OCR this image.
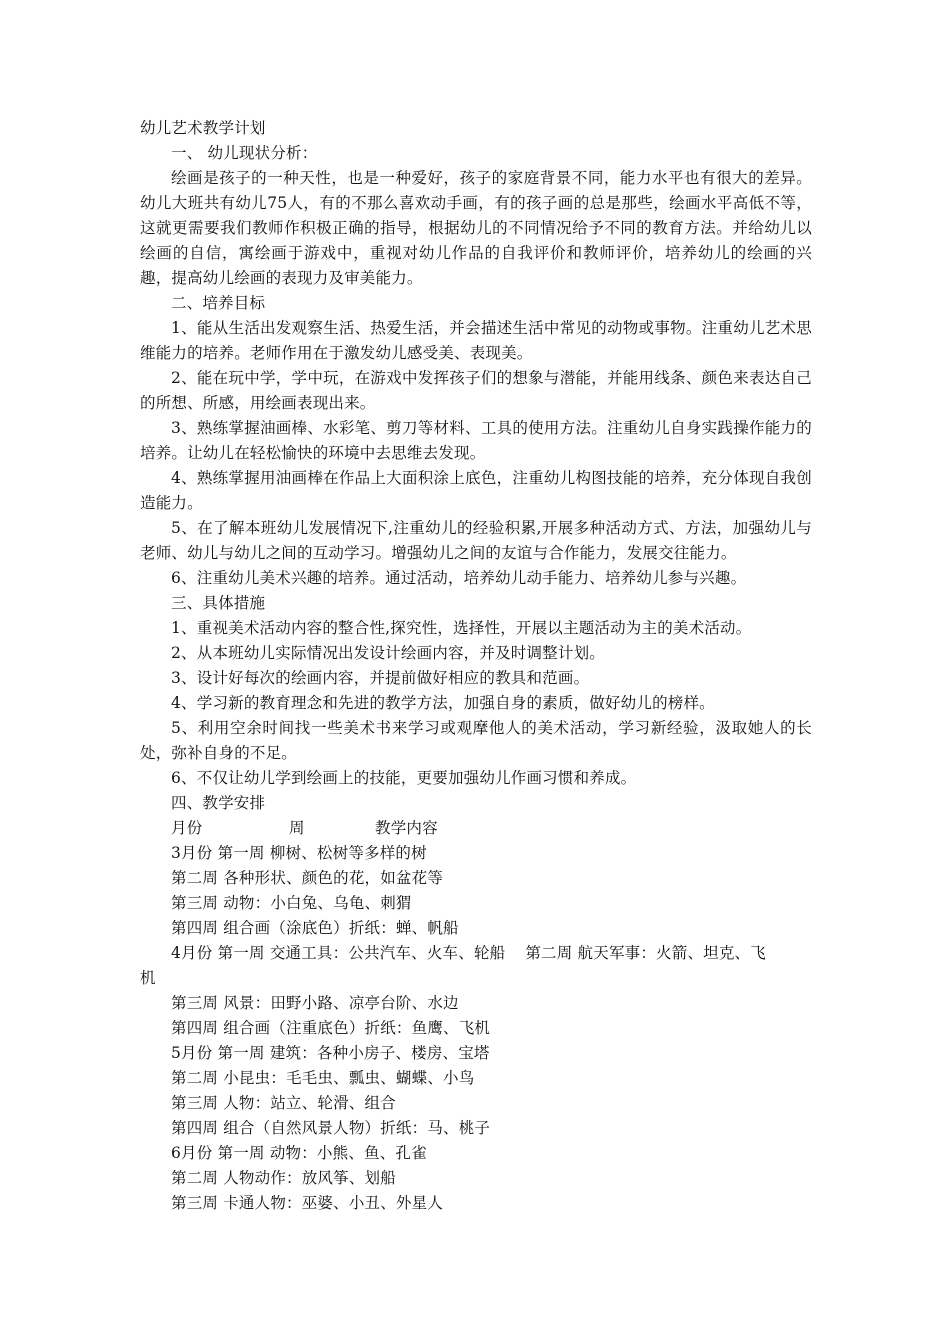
幼儿艺术教学计划

一、 幼儿现状分析：

绘画是孩子的一种天性，也是一种爱好，孩子的家庭背景不同，能力水平也有很大的差异。幼儿大班共有幼儿75人，有的不那么喜欢动手画，有的孩子画的总是那些，绘画水平高低不等，这就更需要我们教师作积极正确的指导，根据幼儿的不同情况给予不同的教育方法。并给幼儿以绘画的自信，寓绘画于游戏中，重视对幼儿作品的自我评价和教师评价，培养幼儿的绘画的兴趣，提高幼儿绘画的表现力及审美能力。

二、培养目标

1、能从生活出发观察生活、热爱生活，并会描述生活中常见的动物或事物。注重幼儿艺术思维能力的培养。老师作用在于激发幼儿感受美、表现美。

2、能在玩中学，学中玩，在游戏中发挥孩子们的想象与潜能，并能用线条、颜色来表达自己的所想、所感，用绘画表现出来。

3、熟练掌握油画棒、水彩笔、剪刀等材料、工具的使用方法。注重幼儿自身实践操作能力的培养。让幼儿在轻松愉快的环境中去思维去发现。

4、熟练掌握用油画棒在作品上大面积涂上底色，注重幼儿构图技能的培养，充分体现自我创造能力。

5、在了解本班幼儿发展情况下,注重幼儿的经验积累,开展多种活动方式、方法，加强幼儿与老师、幼儿与幼儿之间的互动学习。增强幼儿之间的友谊与合作能力，发展交往能力。

6、注重幼儿美术兴趣的培养。通过活动，培养幼儿动手能力、培养幼儿参与兴趣。

三、具体措施

1、重视美术活动内容的整合性,探究性，选择性，开展以主题活动为主的美术活动。

2、从本班幼儿实际情况出发设计绘画内容，并及时调整计划。

3、设计好每次的绘画内容，并提前做好相应的教具和范画。

4、学习新的教育理念和先进的教学方法，加强自身的素质，做好幼儿的榜样。

5、利用空余时间找一些美术书来学习或观摩他人的美术活动，学习新经验，汲取她人的长处，弥补自身的不足。

6、不仅让幼儿学到绘画上的技能，更要加强幼儿作画习惯和养成。

四、教学安排

月份	周	教学内容

3月份 第一周 柳树、松树等多样的树

第二周 各种形状、颜色的花，如盆花等

第三周 动物：小白兔、乌龟、刺猬

第四周 组合画（涂底色）折纸：蝉、帆船

4月份 第一周 交通工具：公共汽车、火车、轮船 第二周 航天军事：火箭、坦克、飞

机

第三周 风景：田野小路、凉亭台阶、水边

第四周 组合画（注重底色）折纸：鱼鹰、飞机

5月份 第一周 建筑：各种小房子、楼房、宝塔

第二周 小昆虫：毛毛虫、瓢虫、蝴蝶、小鸟

第三周 人物：站立、轮滑、组合

第四周 组合（自然风景人物）折纸：马、桃子

6月份 第一周 动物：小熊、鱼、孔雀

第二周 人物动作：放风筝、划船

第三周 卡通人物：巫婆、小丑、外星人
